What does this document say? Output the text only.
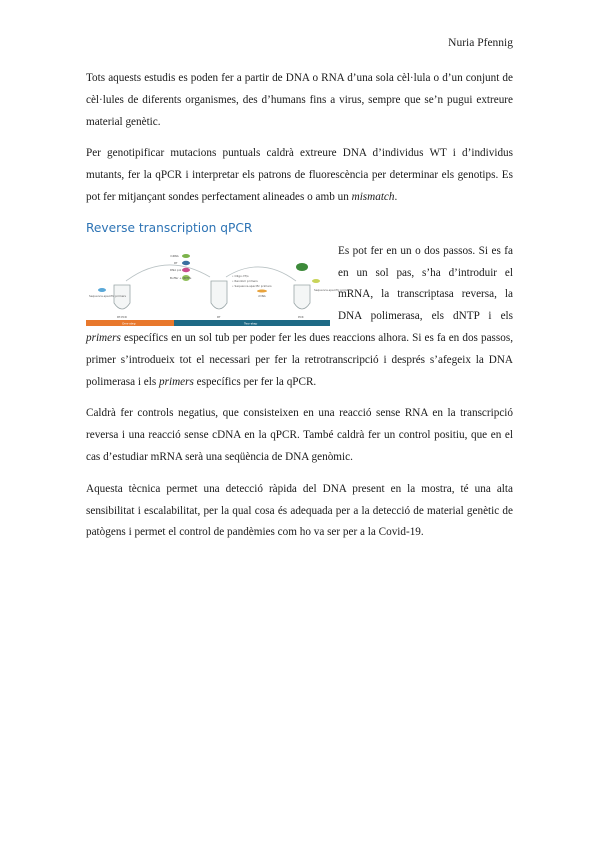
Nuria Pfennig

Tots aquests estudis es poden fer a partir de DNA o RNA d’una sola cèl·lula o d’un conjunt de cèl·lules de diferents organismes, des d’humans fins a virus, sempre que se’n pugui extreure material genètic.

Per genotipificar mutacions puntuals caldrà extreure DNA d’individus WT i d’individus mutants, fer la qPCR i interpretar els patrons de fluorescència per determinar els genotips. Es pot fer mitjançant sondes perfectament alineades o amb un mismatch.

Reverse transcription qPCR
mRNA
RT
DNA pol
Buffer + dNTPs
Sequence-specific primers
• Oligo dT/s
• Random primers
• Sequence-specific primers
cDNA
Sequence-specific primers
RT-PCR	RT	PCR
One-step	Two-step

Es pot fer en un o dos passos. Si es fa en un sol pas, s’ha d’introduir el mRNA, la transcriptasa reversa, la DNA polimerasa, els dNTP i els primers específics en un sol tub per poder fer les dues reaccions alhora. Si es fa en dos passos, primer s’introdueix tot el necessari per fer la retrotranscripció i després s’afegeix la DNA polimerasa i els primers específics per fer la qPCR.

Caldrà fer controls negatius, que consisteixen en una reacció sense RNA en la transcripció reversa i una reacció sense cDNA en la qPCR. També caldrà fer un control positiu, que en el cas d’estudiar mRNA serà una seqüència de DNA genòmic.

Aquesta tècnica permet una detecció ràpida del DNA present en la mostra, té una alta sensibilitat i escalabilitat, per la qual cosa és adequada per a la detecció de material genètic de patògens i permet el control de pandèmies com ho va ser per a la Covid-19.
